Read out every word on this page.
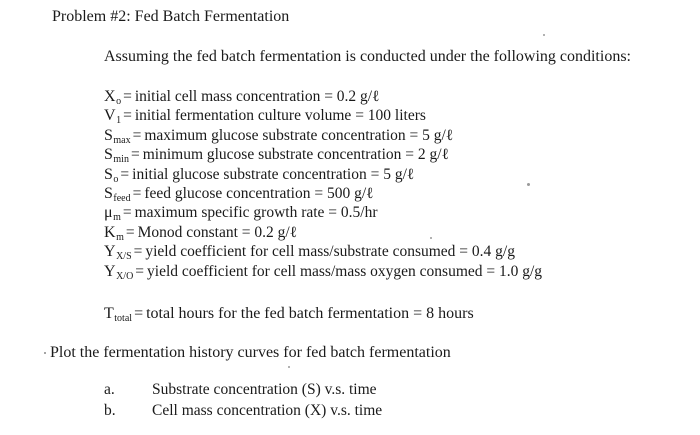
Problem #2: Fed Batch Fermentation
Assuming the fed batch fermentation is conducted under the following conditions:
Xo = initial cell mass concentration = 0.2 g/ℓ
V1 = initial fermentation culture volume = 100 liters
Smax = maximum glucose substrate concentration = 5 g/ℓ
Smin = minimum glucose substrate concentration = 2 g/ℓ
So = initial glucose substrate concentration = 5 g/ℓ
Sfeed = feed glucose concentration = 500 g/ℓ
μm = maximum specific growth rate = 0.5/hr
Km = Monod constant = 0.2 g/ℓ
YX/S = yield coefficient for cell mass/substrate consumed = 0.4 g/g
YX/O = yield coefficient for cell mass/mass oxygen consumed = 1.0 g/g
Ttotal = total hours for the fed batch fermentation = 8 hours
Plot the fermentation history curves for fed batch fermentation
a. Substrate concentration (S) v.s. time
b. Cell mass concentration (X) v.s. time
